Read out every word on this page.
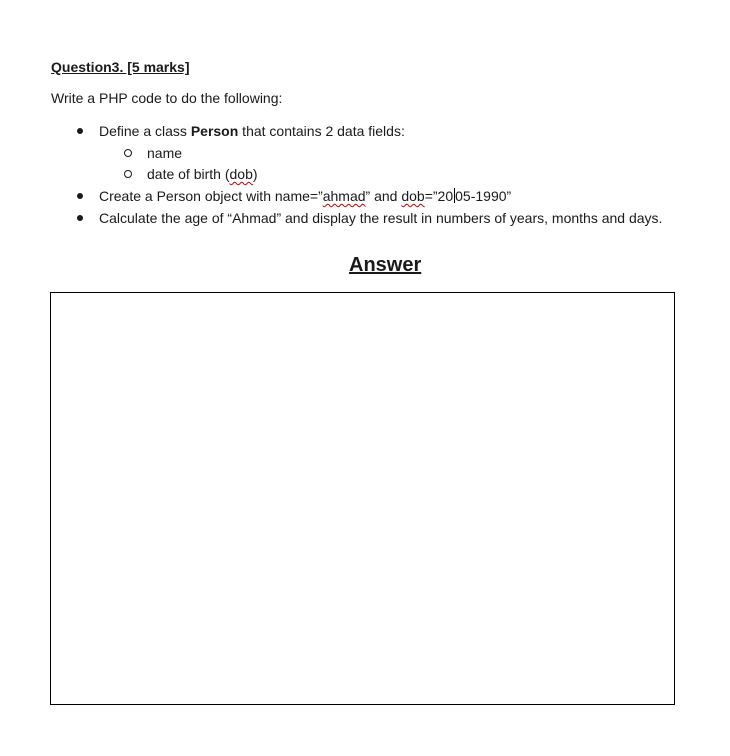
Question3. [5 marks]
Write a PHP code to do the following:
Define a class Person that contains 2 data fields:
name
date of birth (dob)
Create a Person object with name=”ahmad” and dob=”20 05-1990”
Calculate the age of “Ahmad” and display the result in numbers of years, months and days.
Answer
